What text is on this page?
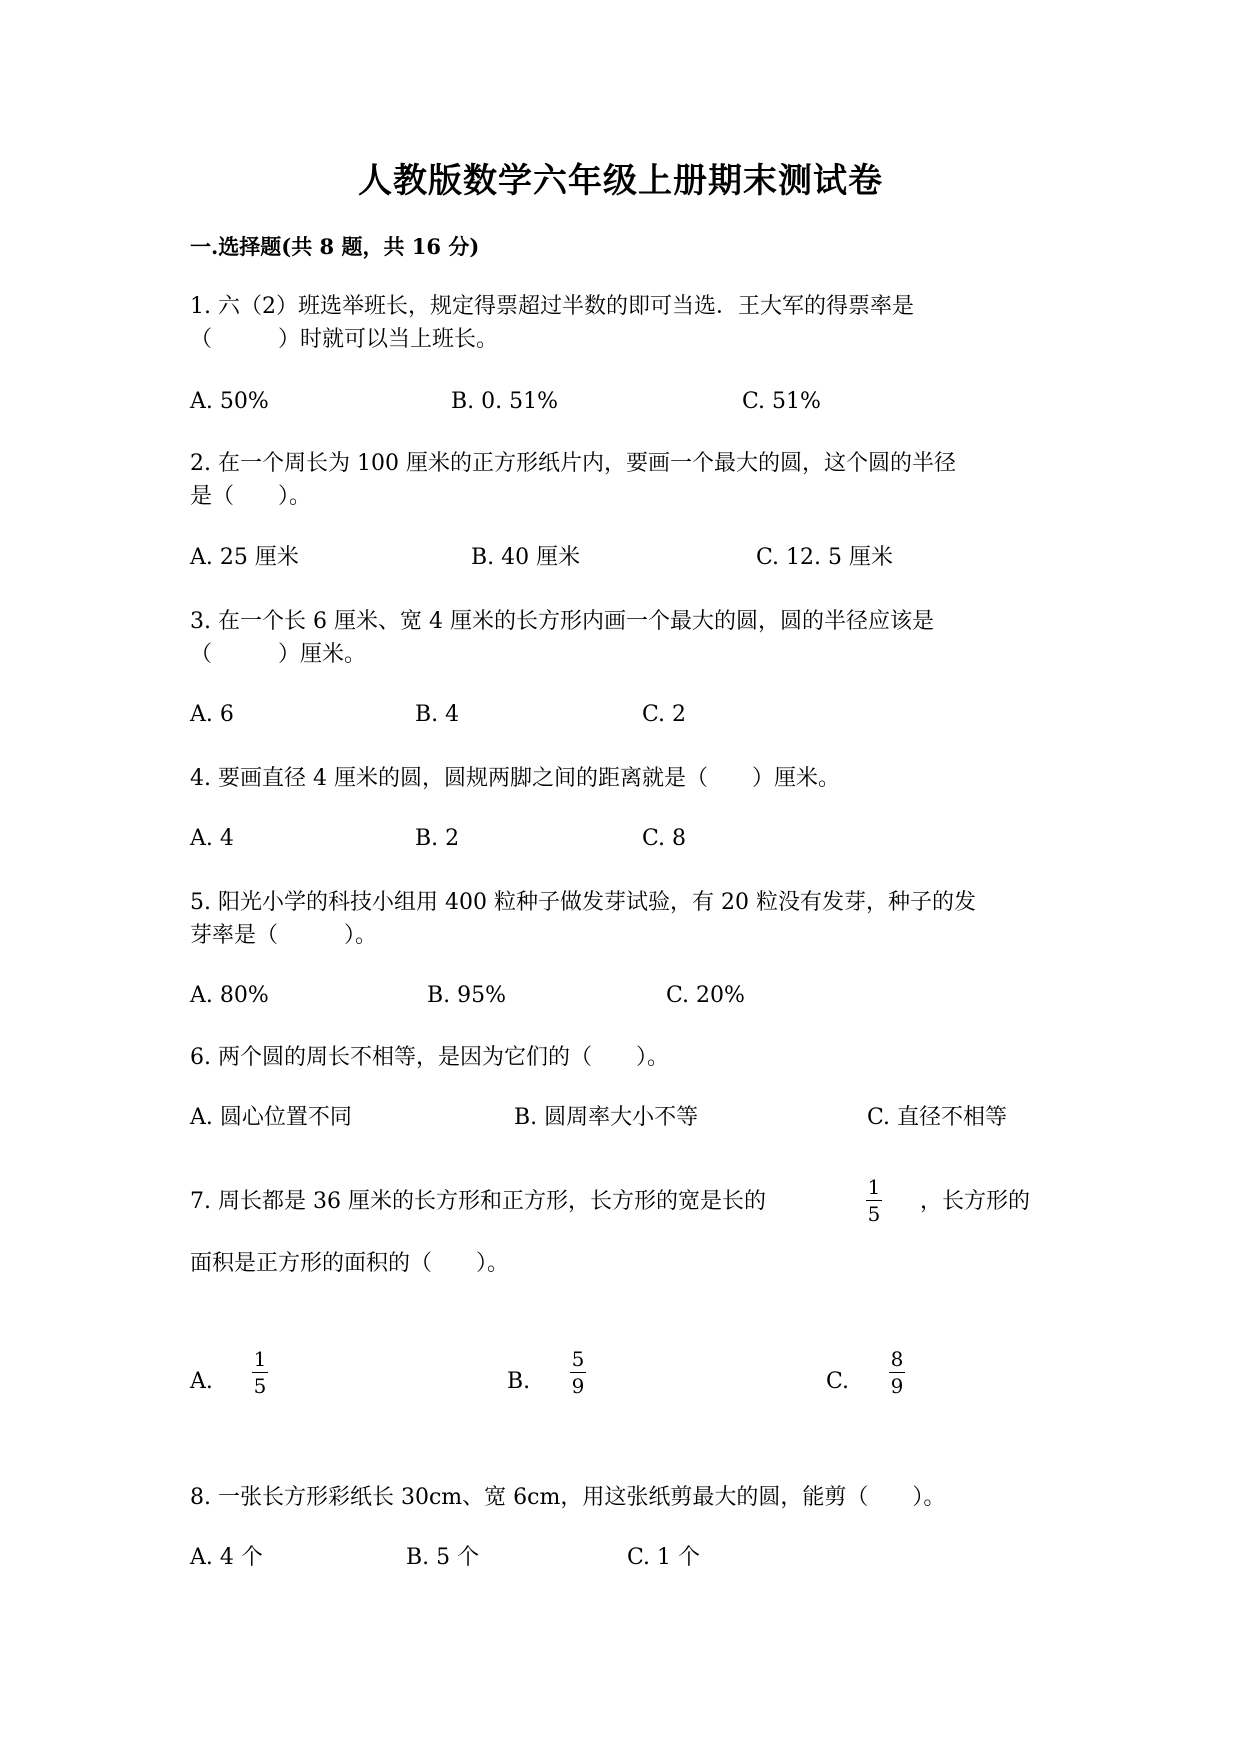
人教版数学六年级上册期末测试卷
一.选择题(共 8 题，共 16 分)
1. 六（2）班选举班长，规定得票超过半数的即可当选．王大军的得票率是
（　　　）时就可以当上班长。
A. 50%	B. 0. 51%	C. 51%
2. 在一个周长为 100 厘米的正方形纸片内，要画一个最大的圆，这个圆的半径
是（　　）。
A. 25 厘米	B. 40 厘米	C. 12. 5 厘米
3. 在一个长 6 厘米、宽 4 厘米的长方形内画一个最大的圆，圆的半径应该是
（　　　）厘米。
A. 6	B. 4	C. 2
4. 要画直径 4 厘米的圆，圆规两脚之间的距离就是（　　）厘米。
A. 4	B. 2	C. 8
5. 阳光小学的科技小组用 400 粒种子做发芽试验，有 20 粒没有发芽，种子的发
芽率是（　　　）。
A. 80%	B. 95%	C. 20%
6. 两个圆的周长不相等，是因为它们的（　　）。
A. 圆心位置不同	B. 圆周率大小不等	C. 直径不相等
7. 周长都是 36 厘米的长方形和正方形，长方形的宽是长的
1
5 ，长方形的
面积是正方形的面积的（　　）。
A.
1
5	B.
5
9	C.
8
9
8. 一张长方形彩纸长 30cm、宽 6cm，用这张纸剪最大的圆，能剪（　　）。
A. 4 个	B. 5 个	C. 1 个
